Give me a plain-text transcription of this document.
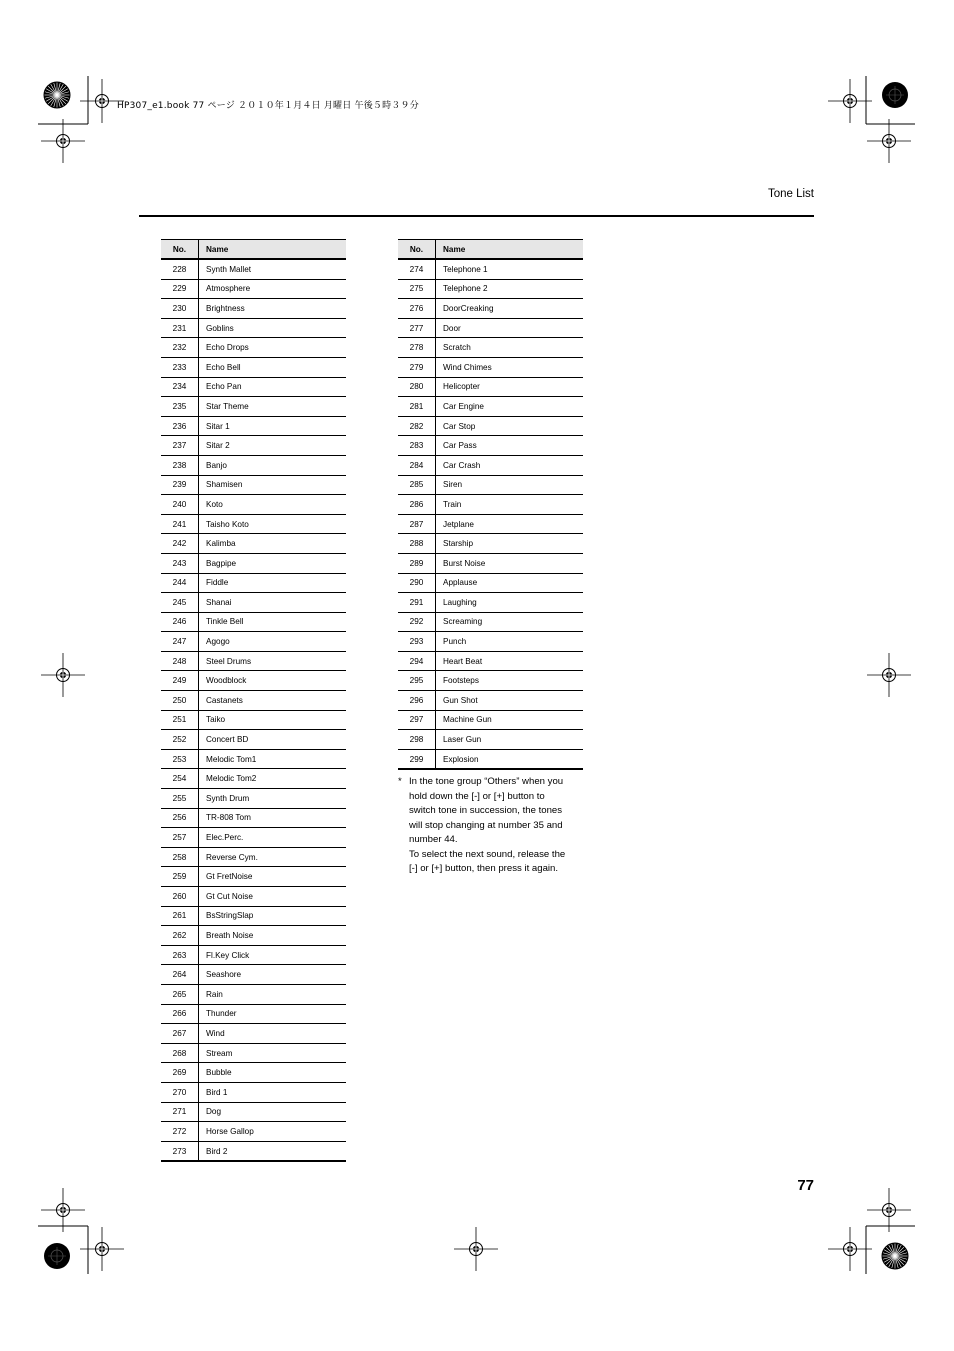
HP307_e1.book 77 ページ ２０１０年１月４日 月曜日 午後５時３９分
Tone List
No.	Name
228	Synth Mallet
229	Atmosphere
230	Brightness
231	Goblins
232	Echo Drops
233	Echo Bell
234	Echo Pan
235	Star Theme
236	Sitar 1
237	Sitar 2
238	Banjo
239	Shamisen
240	Koto
241	Taisho Koto
242	Kalimba
243	Bagpipe
244	Fiddle
245	Shanai
246	Tinkle Bell
247	Agogo
248	Steel Drums
249	Woodblock
250	Castanets
251	Taiko
252	Concert BD
253	Melodic Tom1
254	Melodic Tom2
255	Synth Drum
256	TR-808 Tom
257	Elec.Perc.
258	Reverse Cym.
259	Gt FretNoise
260	Gt Cut Noise
261	BsStringSlap
262	Breath Noise
263	Fl.Key Click
264	Seashore
265	Rain
266	Thunder
267	Wind
268	Stream
269	Bubble
270	Bird 1
271	Dog
272	Horse Gallop
273	Bird 2
No.	Name
274	Telephone 1
275	Telephone 2
276	DoorCreaking
277	Door
278	Scratch
279	Wind Chimes
280	Helicopter
281	Car Engine
282	Car Stop
283	Car Pass
284	Car Crash
285	Siren
286	Train
287	Jetplane
288	Starship
289	Burst Noise
290	Applause
291	Laughing
292	Screaming
293	Punch
294	Heart Beat
295	Footsteps
296	Gun Shot
297	Machine Gun
298	Laser Gun
299	Explosion
* In the tone group “Others” when you
hold down the [-] or [+] button to
switch tone in succession, the tones
will stop changing at number 35 and
number 44.
To select the next sound, release the
[-] or [+] button, then press it again.
77
